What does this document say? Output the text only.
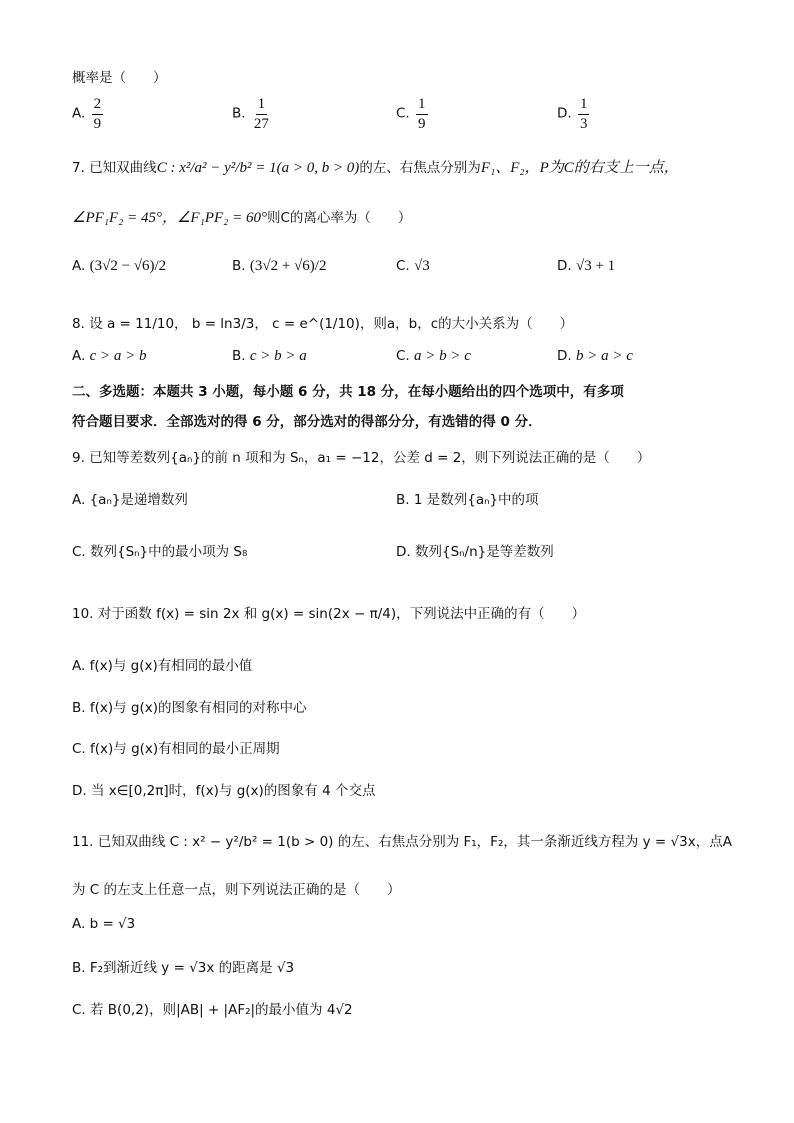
概率是（　　）
A. $\frac{2}{9}$	B. $\frac{1}{27}$	C. $\frac{1}{9}$	D. $\frac{1}{3}$
7. 已知双曲线C : x²/a² − y²/b² = 1(a > 0, b > 0)的左、右焦点分别为F₁、F₂，P为C的右支上一点，
∠PF₁F₂ = 45°，∠F₁PF₂ = 60°则C的离心率为（　　）
A. (3√2 − √6)/2	B. (3√2 + √6)/2	C. √3	D. √3 + 1
8. 设 a = 11/10， b = ln3/3， c = e^(1/10)，则a，b，c的大小关系为（　　）
A. c > a > b	B. c > b > a	C. a > b > c	D. b > a > c
二、多选题：本题共 3 小题，每小题 6 分，共 18 分，在每小题给出的四个选项中，有多项
符合题目要求．全部选对的得 6 分，部分选对的得部分分，有选错的得 0 分．
9. 已知等差数列{aₙ}的前 n 项和为 Sₙ，a₁ = −12，公差 d = 2，则下列说法正确的是（　　）
A. {aₙ}是递增数列	B. 1 是数列{aₙ}中的项
C. 数列{Sₙ}中的最小项为 S₈	D. 数列{Sₙ/n}是等差数列
10. 对于函数 f(x) = sin 2x 和 g(x) = sin(2x − π/4)，下列说法中正确的有（　　）
A. f(x)与 g(x)有相同的最小值
B. f(x)与 g(x)的图象有相同的对称中心
C. f(x)与 g(x)有相同的最小正周期
D. 当 x∈[0,2π]时，f(x)与 g(x)的图象有 4 个交点
11. 已知双曲线 C : x² − y²/b² = 1(b > 0) 的左、右焦点分别为 F₁，F₂，其一条渐近线方程为 y = √3x，点A
为 C 的左支上任意一点，则下列说法正确的是（　　）
A. b = √3
B. F₂到渐近线 y = √3x 的距离是 √3
C. 若 B(0,2)，则|AB| + |AF₂|的最小值为 4√2
